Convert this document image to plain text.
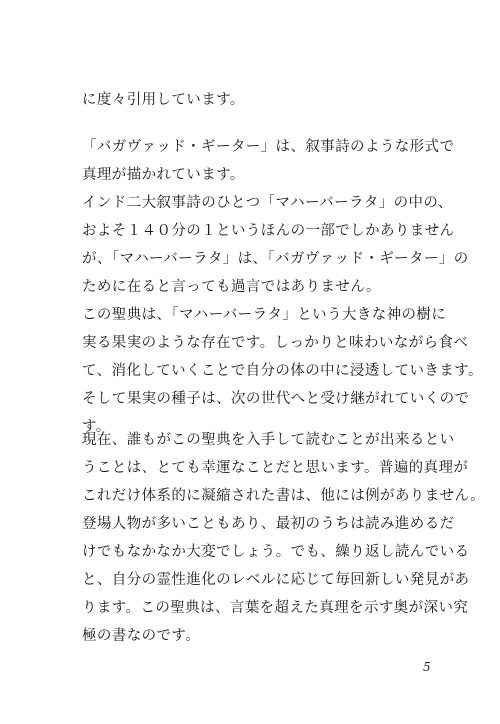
に度々引用しています。
「バガヴァッド・ギーター」は、叙事詩のような形式で
真理が描かれています。
インド二大叙事詩のひとつ「マハーバーラタ」の中の、
およそ１４０分の１というほんの一部でしかありません
が、「マハーバーラタ」は、「バガヴァッド・ギーター」の
ために在ると言っても過言ではありません。
この聖典は、「マハーバーラタ」という大きな神の樹に
実る果実のような存在です。しっかりと味わいながら食べ
て、消化していくことで自分の体の中に浸透していきます。
そして果実の種子は、次の世代へと受け継がれていくので
す。
現在、誰もがこの聖典を入手して読むことが出来るとい
うことは、とても幸運なことだと思います。普遍的真理が
これだけ体系的に凝縮された書は、他には例がありません。
登場人物が多いこともあり、最初のうちは読み進めるだ
けでもなかなか大変でしょう。でも、繰り返し読んでいる
と、自分の霊性進化のレベルに応じて毎回新しい発見があ
ります。この聖典は、言葉を超えた真理を示す奥が深い究
極の書なのです。
5
